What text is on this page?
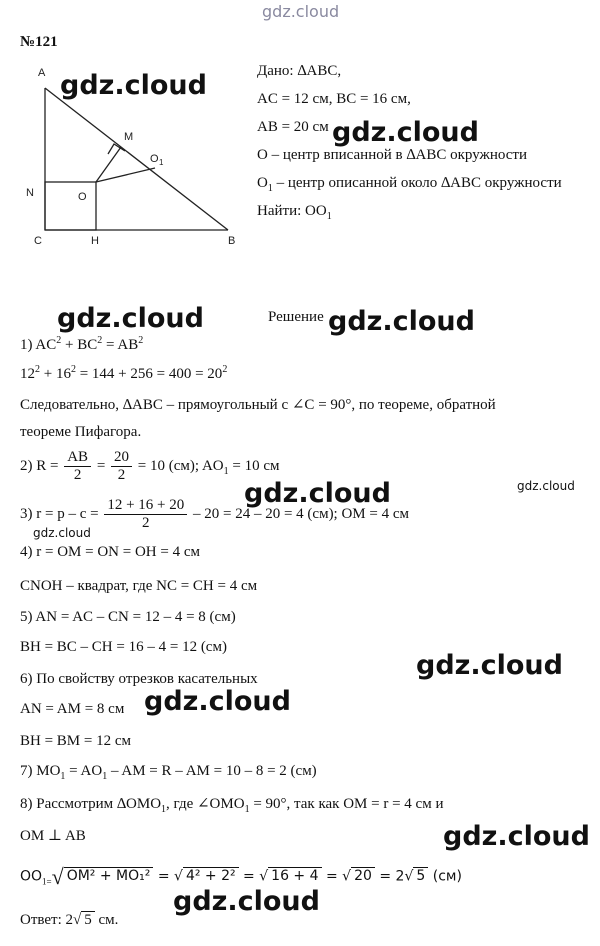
gdz.cloud
gdz.cloud
gdz.cloud
gdz.cloud	gdz.cloud
gdz.cloud	gdz.cloud
gdz.cloud
gdz.cloud
gdz.cloud
gdz.cloud
gdz.cloud
№121
A
B
C
M
O 1
N	O
H
Дано: ∆ABC,
AC = 12 см, BC = 16 см,
AB = 20 см
O – центр вписанной в ∆ABC окружности
$O_1$ – центр описанной около ∆ABC окружности
Найти: $OO_1$
Решение
1) $AC^2 + BC^2 = AB^2$
$12^2 + 16^2 = 144 + 256 = 400 = 20^2$
Следовательно, ∆ABC – прямоугольный с ∠C = 90°, по теореме, обратной
теореме Пифагора.
2) $R = \frac{AB}{2} = \frac{20}{2} = 10$ (см); $AO_1 = 10$ см
3) $r = p - c = \frac{12 + 16 + 20}{2} - 20 = 24 - 20 = 4$ (см); OM = 4 см
4) r = OM = ON = OH = 4 см
CNOH – квадрат, где NC = CH = 4 см
5) AN = AC – CN = 12 – 4 = 8 (см)
BH = BC – CH = 16 – 4 = 12 (см)
6) По свойству отрезков касательных
AN = AM = 8 см
BH = BM = 12 см
7) $MO_1 = AO_1$ – AM = R – AM = 10 – 8 = 2 (см)
8) Рассмотрим $\Delta OMO_1$, где $\angle OMO_1 = 90^\circ$, так как OM = r = 4 см и
OM ⊥ AB
$OO_{1=}√$ OM² + MO₁² = √ 4² + 2² = √ 16 + 4 = √ 20 = 2√ 5 (см)
Ответ: 2√ 5 см.
